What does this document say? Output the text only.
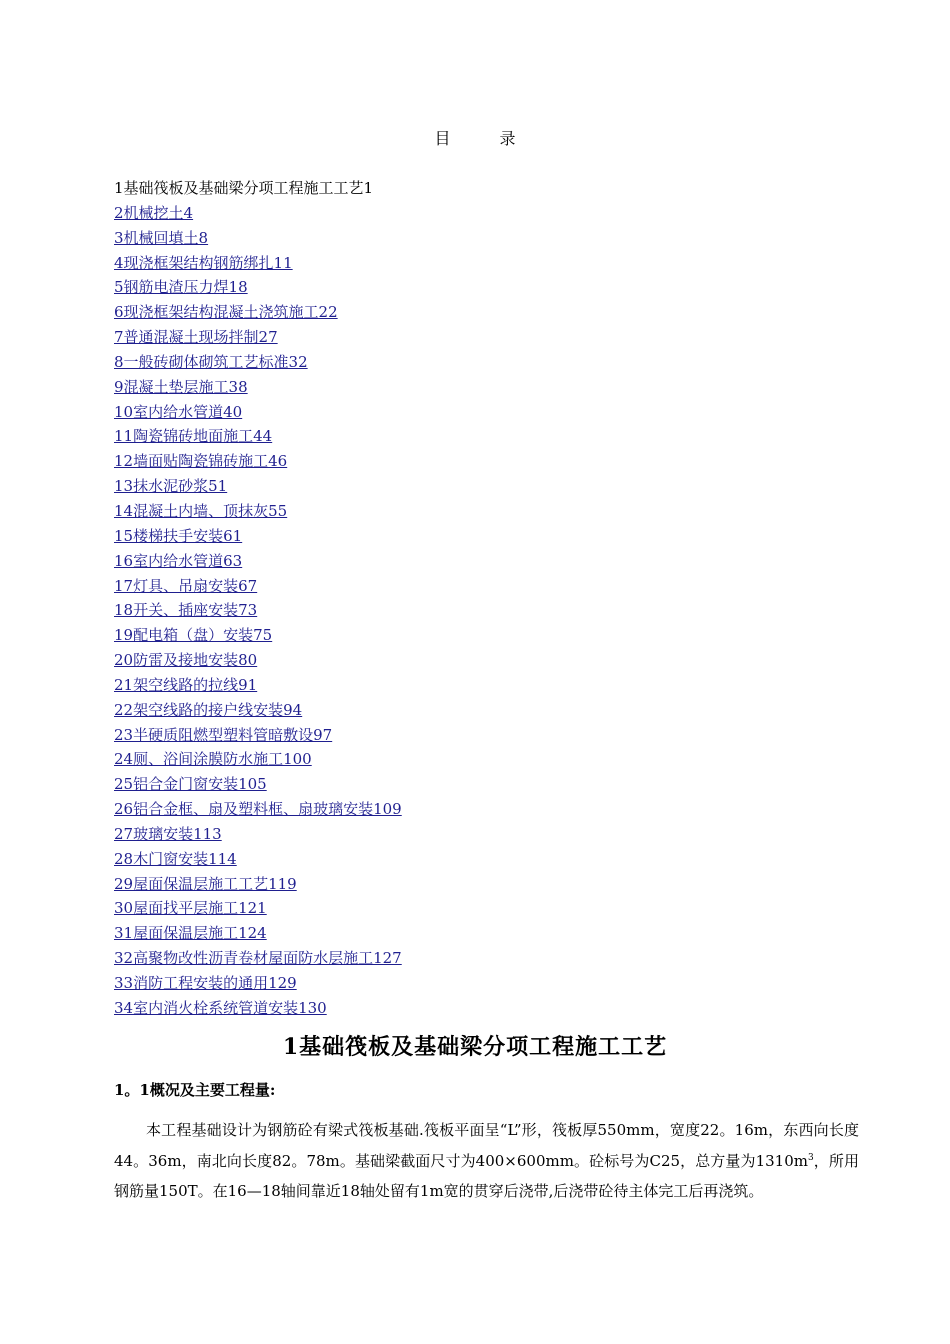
目 录
1基础筏板及基础梁分项工程施工工艺1
2机械挖土4
3机械回填土8
4现浇框架结构钢筋绑扎11
5钢筋电渣压力焊18
6现浇框架结构混凝土浇筑施工22
7普通混凝土现场拌制27
8一般砖砌体砌筑工艺标准32
9混凝土垫层施工38
10室内给水管道40
11陶瓷锦砖地面施工44
12墙面贴陶瓷锦砖施工46
13抹水泥砂浆51
14混凝土内墙、顶抹灰55
15楼梯扶手安装61
16室内给水管道63
17灯具、吊扇安装67
18开关、插座安装73
19配电箱（盘）安装75
20防雷及接地安装80
21架空线路的拉线91
22架空线路的接户线安装94
23半硬质阻燃型塑料管暗敷设97
24厕、浴间涂膜防水施工100
25铝合金门窗安装105
26铝合金框、扇及塑料框、扇玻璃安装109
27玻璃安装113
28木门窗安装114
29屋面保温层施工工艺119
30屋面找平层施工121
31屋面保温层施工124
32高聚物改性沥青卷材屋面防水层施工127
33消防工程安装的通用129
34室内消火栓系统管道安装130
1基础筏板及基础梁分项工程施工工艺
1。1概况及主要工程量:

本工程基础设计为钢筋砼有梁式筏板基础.筏板平面呈“L”形，筏板厚550mm，宽度22。16m，东西向长度44。36m，南北向长度82。78m。基础梁截面尺寸为400×600mm。砼标号为C25，总方量为$1310m^3$，所用钢筋量150T。在16—18轴间靠近18轴处留有1m宽的贯穿后浇带,后浇带砼待主体完工后再浇筑。
